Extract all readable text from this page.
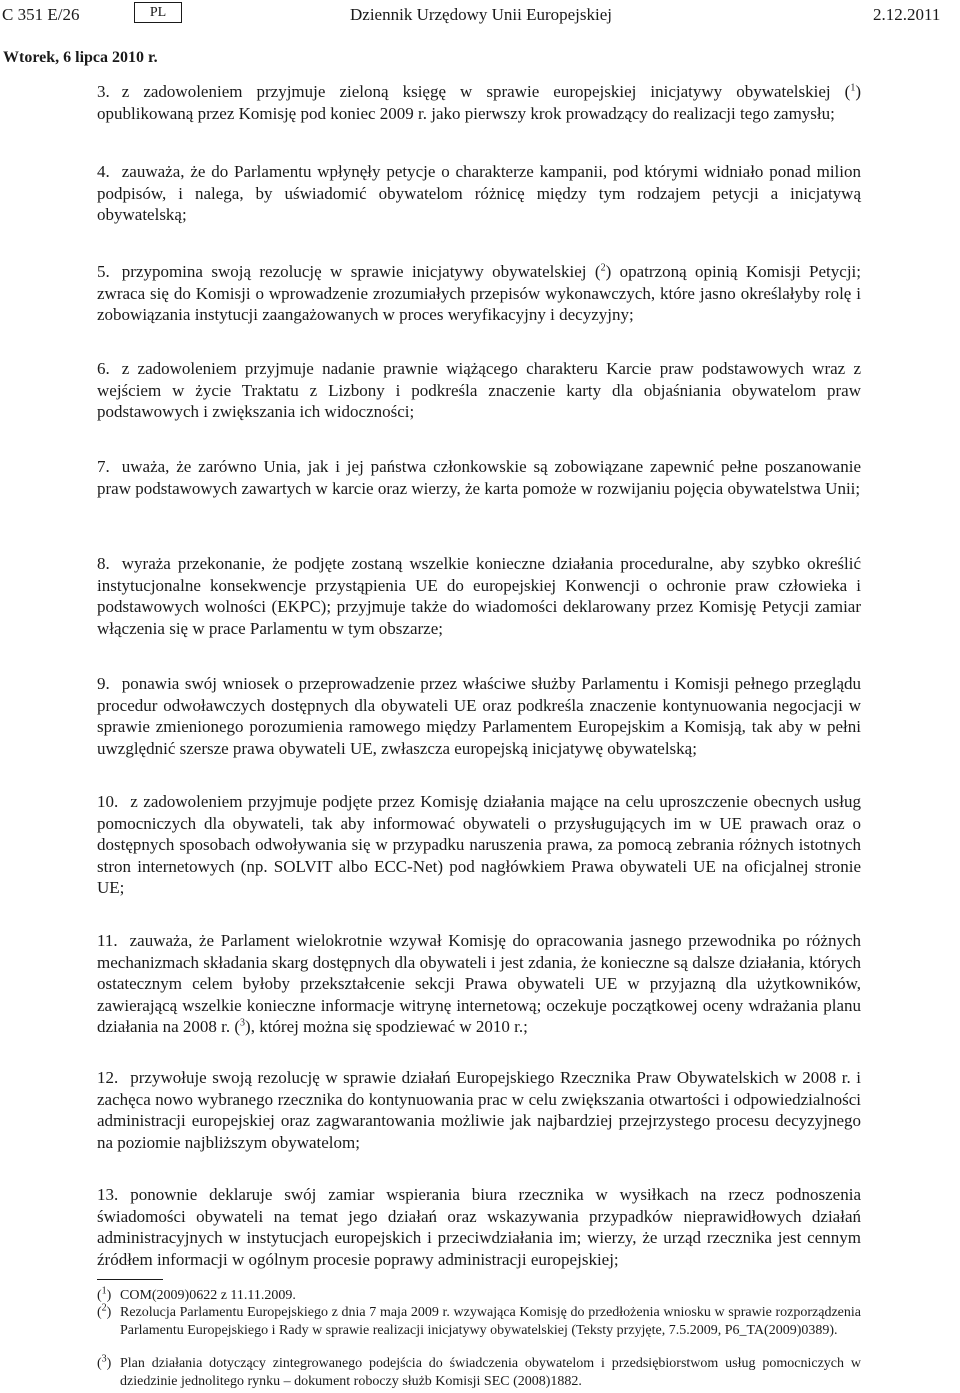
C 351 E/26	PL	Dziennik Urzędowy Unii Europejskiej	2.12.2011
Wtorek, 6 lipca 2010 r.

3. z zadowoleniem przyjmuje zieloną księgę w sprawie europejskiej inicjatywy obywatelskiej ($^1$) opublikowaną przez Komisję pod koniec 2009 r. jako pierwszy krok prowadzący do realizacji tego zamysłu;

4. zauważa, że do Parlamentu wpłynęły petycje o charakterze kampanii, pod którymi widniało ponad milion podpisów, i nalega, by uświadomić obywatelom różnicę między tym rodzajem petycji a inicjatywą obywatelską;

5. przypomina swoją rezolucję w sprawie inicjatywy obywatelskiej ($^2$) opatrzoną opinią Komisji Petycji; zwraca się do Komisji o wprowadzenie zrozumiałych przepisów wykonawczych, które jasno określałyby rolę i zobowiązania instytucji zaangażowanych w proces weryfikacyjny i decyzyjny;

6. z zadowoleniem przyjmuje nadanie prawnie wiążącego charakteru Karcie praw podstawowych wraz z wejściem w życie Traktatu z Lizbony i podkreśla znaczenie karty dla objaśniania obywatelom praw podstawowych i zwiększania ich widoczności;

7. uważa, że zarówno Unia, jak i jej państwa członkowskie są zobowiązane zapewnić pełne poszanowanie praw podstawowych zawartych w karcie oraz wierzy, że karta pomoże w rozwijaniu pojęcia obywatelstwa Unii;

8. wyraża przekonanie, że podjęte zostaną wszelkie konieczne działania proceduralne, aby szybko określić instytucjonalne konsekwencje przystąpienia UE do europejskiej Konwencji o ochronie praw człowieka i podstawowych wolności (EKPC); przyjmuje także do wiadomości deklarowany przez Komisję Petycji zamiar włączenia się w prace Parlamentu w tym obszarze;

9. ponawia swój wniosek o przeprowadzenie przez właściwe służby Parlamentu i Komisji pełnego przeglądu procedur odwoławczych dostępnych dla obywateli UE oraz podkreśla znaczenie kontynuowania negocjacji w sprawie zmienionego porozumienia ramowego między Parlamentem Europejskim a Komisją, tak aby w pełni uwzględnić szersze prawa obywateli UE, zwłaszcza europejską inicjatywę obywatelską;

10. z zadowoleniem przyjmuje podjęte przez Komisję działania mające na celu uproszczenie obecnych usług pomocniczych dla obywateli, tak aby informować obywateli o przysługujących im w UE prawach oraz o dostępnych sposobach odwoływania się w przypadku naruszenia prawa, za pomocą zebrania różnych istotnych stron internetowych (np. SOLVIT albo ECC-Net) pod nagłówkiem Prawa obywateli UE na oficjalnej stronie UE;

11. zauważa, że Parlament wielokrotnie wzywał Komisję do opracowania jasnego przewodnika po różnych mechanizmach składania skarg dostępnych dla obywateli i jest zdania, że konieczne są dalsze działania, których ostatecznym celem byłoby przekształcenie sekcji Prawa obywateli UE w przyjazną dla użytkowników, zawierającą wszelkie konieczne informacje witrynę internetową; oczekuje początkowej oceny wdrażania planu działania na 2008 r. ($^3$), której można się spodziewać w 2010 r.;

12. przywołuje swoją rezolucję w sprawie działań Europejskiego Rzecznika Praw Obywatelskich w 2008 r. i zachęca nowo wybranego rzecznika do kontynuowania prac w celu zwiększania otwartości i odpowiedzialności administracji europejskiej oraz zagwarantowania możliwie jak najbardziej przejrzystego procesu decyzyjnego na poziomie najbliższym obywatelom;

13. ponownie deklaruje swój zamiar wspierania biura rzecznika w wysiłkach na rzecz podnoszenia świadomości obywateli na temat jego działań oraz wskazywania przypadków nieprawidłowych działań administracyjnych w instytucjach europejskich i przeciwdziałania im; wierzy, że urząd rzecznika jest cennym źródłem informacji w ogólnym procesie poprawy administracji europejskiej;

($^1$) COM(2009)0622 z 11.11.2009.
($^2$) Rezolucja Parlamentu Europejskiego z dnia 7 maja 2009 r. wzywająca Komisję do przedłożenia wniosku w sprawie rozporządzenia Parlamentu Europejskiego i Rady w sprawie realizacji inicjatywy obywatelskiej (Teksty przyjęte, 7.5.2009, P6_TA(2009)0389).
($^3$) Plan działania dotyczący zintegrowanego podejścia do świadczenia obywatelom i przedsiębiorstwom usług pomocniczych w dziedzinie jednolitego rynku – dokument roboczy służb Komisji SEC (2008)1882.
